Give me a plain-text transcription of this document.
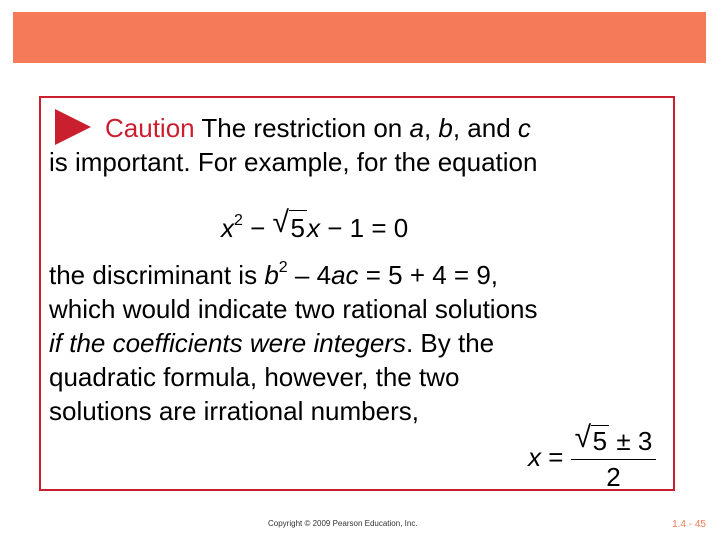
Caution The restriction on a, b, and c
is important. For example, for the equation

$x^2$ − √ 5x − 1 = 0

the discriminant is $b^2 - 4ac = 5 + 4 = 9$,
which would indicate two rational solutions
if the coefficients were integers. By the
quadratic formula, however, the two
solutions are irrational numbers,

$x = \frac{√ 5 \pm 3}{2}$
Copyright © 2009 Pearson Education, Inc.	1.4 - 45
